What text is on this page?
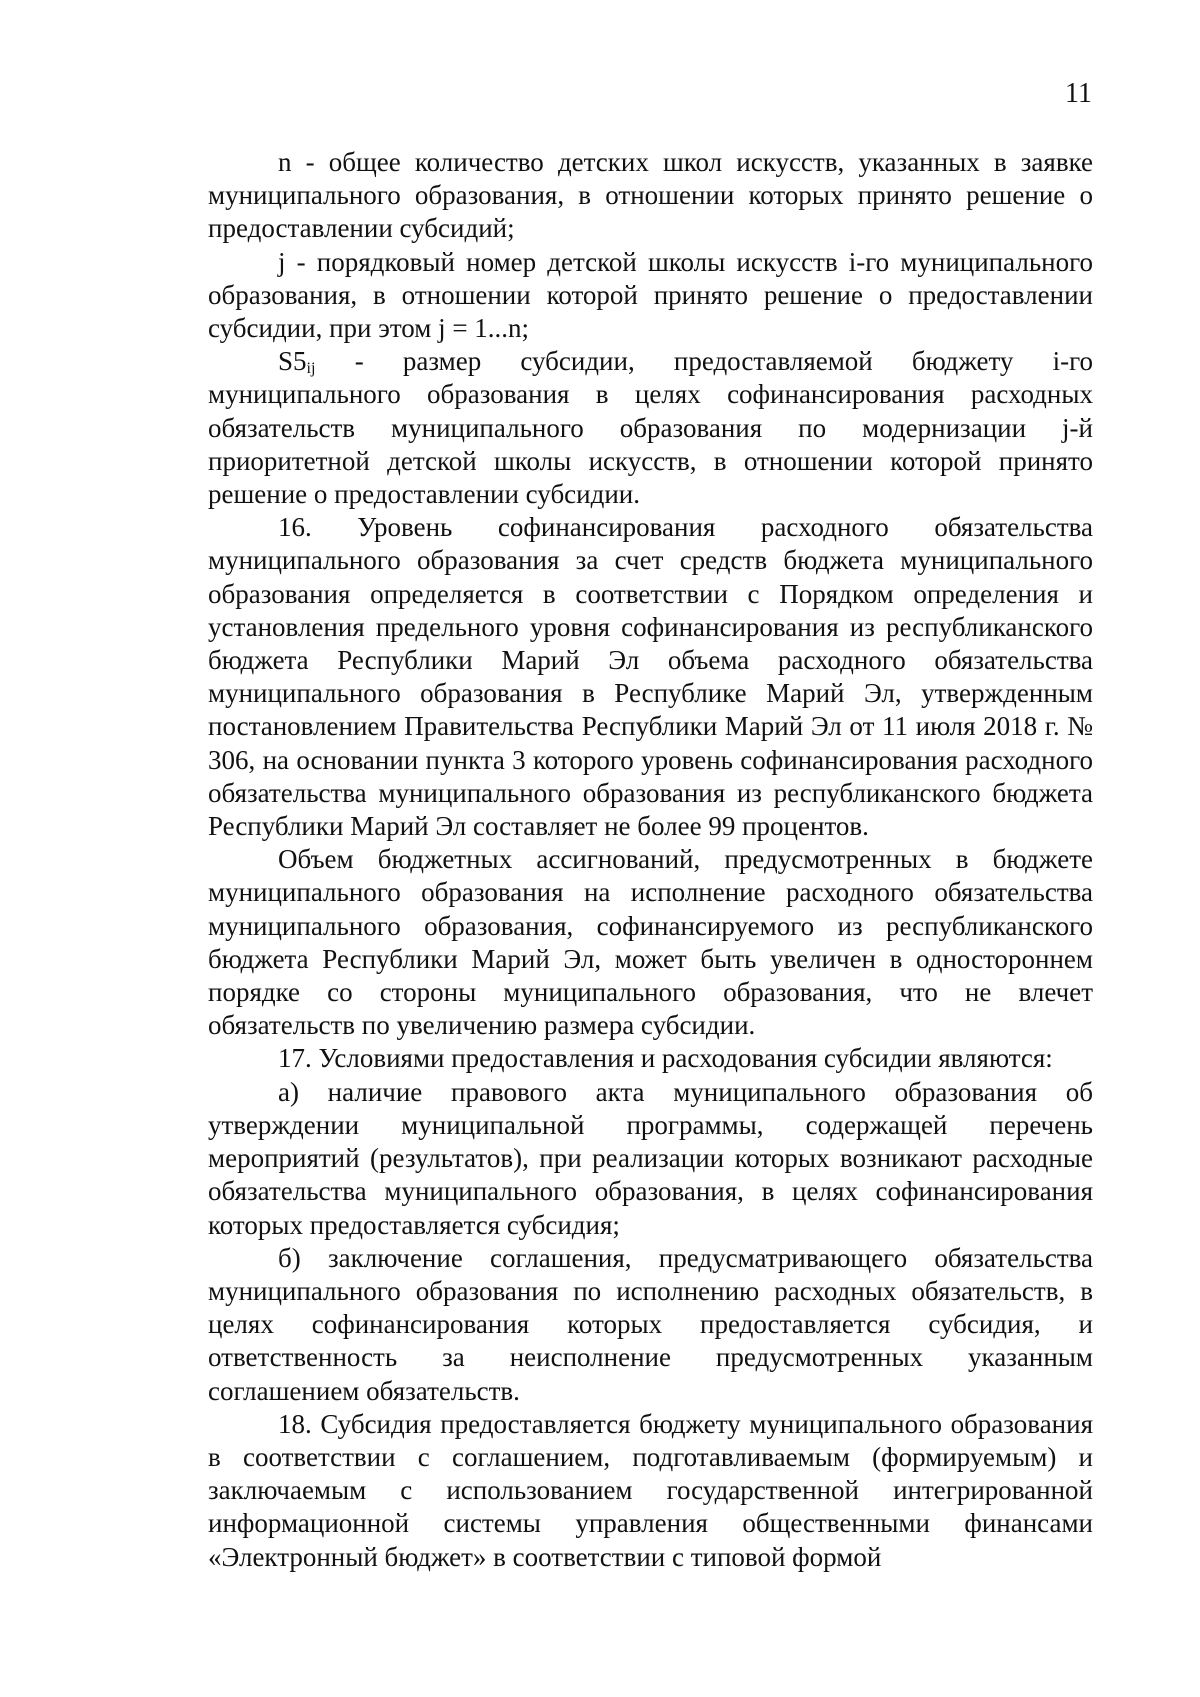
11

n - общее количество детских школ искусств, указанных в заявке муниципального образования, в отношении которых принято решение о предоставлении субсидий;

j - порядковый номер детской школы искусств i-го муниципального образования, в отношении которой принято решение о предоставлении субсидии, при этом j = 1...n;

$S5_{ij}$ - размер субсидии, предоставляемой бюджету i-го муниципального образования в целях софинансирования расходных обязательств муниципального образования по модернизации j-й приоритетной детской школы искусств, в отношении которой принято решение о предоставлении субсидии.

16. Уровень софинансирования расходного обязательства муниципального образования за счет средств бюджета муниципального образования определяется в соответствии с Порядком определения и установления предельного уровня софинансирования из республиканского бюджета Республики Марий Эл объема расходного обязательства муниципального образования в Республике Марий Эл, утвержденным постановлением Правительства Республики Марий Эл от 11 июля 2018 г. № 306, на основании пункта 3 которого уровень софинансирования расходного обязательства муниципального образования из республиканского бюджета Республики Марий Эл составляет не более 99 процентов.

Объем бюджетных ассигнований, предусмотренных в бюджете муниципального образования на исполнение расходного обязательства муниципального образования, софинансируемого из республиканского бюджета Республики Марий Эл, может быть увеличен в одностороннем порядке со стороны муниципального образования, что не влечет обязательств по увеличению размера субсидии.

17. Условиями предоставления и расходования субсидии являются:

а) наличие правового акта муниципального образования об утверждении муниципальной программы, содержащей перечень мероприятий (результатов), при реализации которых возникают расходные обязательства муниципального образования, в целях софинансирования которых предоставляется субсидия;

б) заключение соглашения, предусматривающего обязательства муниципального образования по исполнению расходных обязательств, в целях софинансирования которых предоставляется субсидия, и ответственность за неисполнение предусмотренных указанным соглашением обязательств.

18. Субсидия предоставляется бюджету муниципального образования в соответствии с соглашением, подготавливаемым (формируемым) и заключаемым с использованием государственной интегрированной информационной системы управления общественными финансами «Электронный бюджет» в соответствии с типовой формой
